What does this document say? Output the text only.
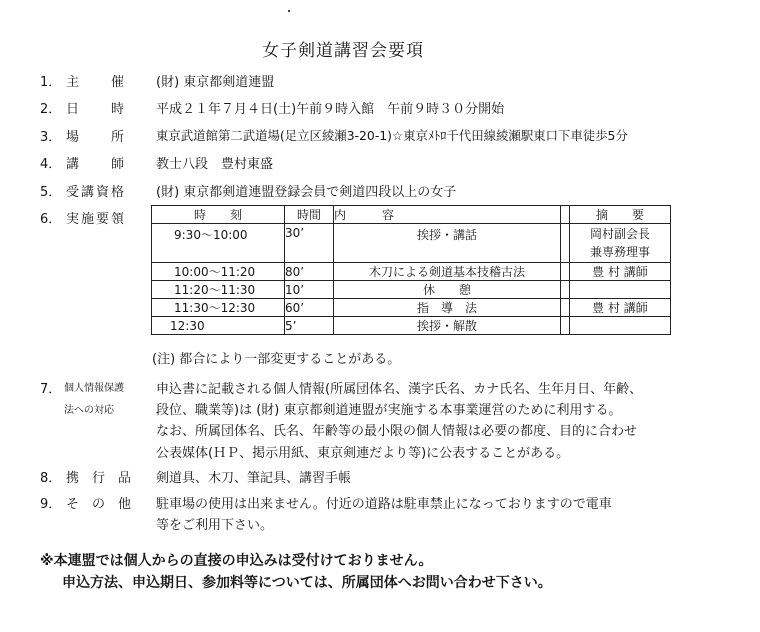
女子剣道講習会要項
1． 主　　催 (財) 東京都剣道連盟
2． 日　　時 平成２１年７月４日(土)午前９時入館　午前９時３０分開始
3． 場　　所 東京武道館第二武道場(足立区綾瀬3-20-1)☆東京ﾒﾄﾛ千代田線綾瀬駅東口下車徒歩5分
4． 講　　師 教士八段　豊村東盛
5． 受講資格 (財) 東京都剣道連盟登録会員で剣道四段以上の女子
6． 実施要領	時　　刻	時間	内　　　容		摘　　要
9:30～10:00	30’	挨拶・講話		岡村副会長
兼専務理事

10:00～11:20	80’	木刀による剣道基本技稽古法		豊 村 講師
11:20～11:30	10’	休　　憩		
11:30～12:30	60’	指　導　法		豊 村 講師
12:30	5’	挨拶・解散		
(注) 都合により一部変更することがある。
7． 個人情報保護
法への対応
申込書に記載される個人情報(所属団体名、漢字氏名、カナ氏名、生年月日、年齢、
段位、職業等)は (財) 東京都剣道連盟が実施する本事業運営のために利用する。
なお、所属団体名、氏名、年齢等の最小限の個人情報は必要の都度、目的に合わせ
公表媒体(ＨＰ、掲示用紙、東京剣連だより等)に公表することがある。
8． 携　行　品 剣道具、木刀、筆記具、講習手帳
9． そ　の　他 駐車場の使用は出来ません。付近の道路は駐車禁止になっておりますので電車
等をご利用下さい。
※本連盟では個人からの直接の申込みは受付けておりません。
申込方法、申込期日、参加料等については、所属団体へお問い合わせ下さい。
